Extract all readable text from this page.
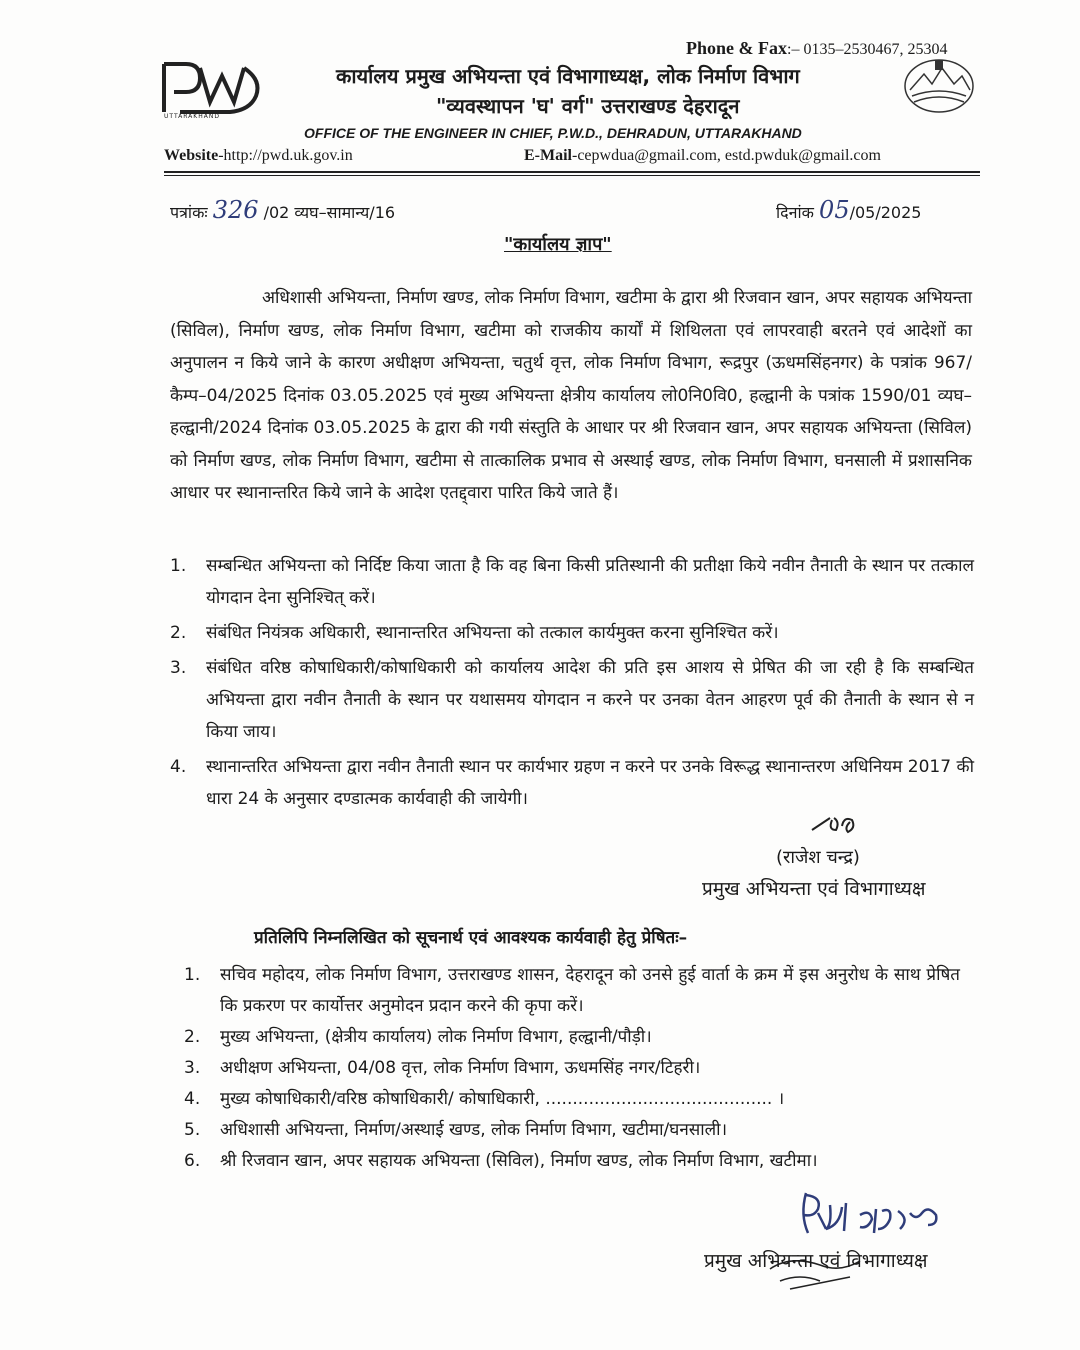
Phone & Fax:– 0135–2530467, 25304
UTTARAKHAND
कार्यालय प्रमुख अभियन्ता एवं विभागाध्यक्ष, लोक निर्माण विभाग
"व्यवस्थापन 'घ' वर्ग" उत्तराखण्ड देहरादून
OFFICE OF THE ENGINEER IN CHIEF, P.W.D., DEHRADUN, UTTARAKHAND
Website-http://pwd.uk.gov.in	E-Mail-cepwdua@gmail.com, estd.pwduk@gmail.com
पत्रांकः 326 /02 व्यघ–सामान्य/16	दिनांक 05/05/2025
"कार्यालय ज्ञाप"
अधिशासी अभियन्ता, निर्माण खण्ड, लोक निर्माण विभाग, खटीमा के द्वारा श्री रिजवान खान, अपर सहायक अभियन्ता (सिविल), निर्माण खण्ड, लोक निर्माण विभाग, खटीमा को राजकीय कार्यों में शिथिलता एवं लापरवाही बरतने एवं आदेशों का अनुपालन न किये जाने के कारण अधीक्षण अभियन्ता, चतुर्थ वृत्त, लोक निर्माण विभाग, रूद्रपुर (ऊधमसिंहनगर) के पत्रांक 967/कैम्प–04/2025 दिनांक 03.05.2025 एवं मुख्य अभियन्ता क्षेत्रीय कार्यालय लो0नि0वि0, हल्द्वानी के पत्रांक 1590/01 व्यघ–हल्द्वानी/2024 दिनांक 03.05.2025 के द्वारा की गयी संस्तुति के आधार पर श्री रिजवान खान, अपर सहायक अभियन्ता (सिविल) को निर्माण खण्ड, लोक निर्माण विभाग, खटीमा से तात्कालिक प्रभाव से अस्थाई खण्ड, लोक निर्माण विभाग, घनसाली में प्रशासनिक आधार पर स्थानान्तरित किये जाने के आदेश एतद्द्वारा पारित किये जाते हैं।
1.	सम्बन्धित अभियन्ता को निर्दिष्ट किया जाता है कि वह बिना किसी प्रतिस्थानी की प्रतीक्षा किये नवीन तैनाती के स्थान पर तत्काल योगदान देना सुनिश्चित् करें।
2.	संबंधित नियंत्रक अधिकारी, स्थानान्तरित अभियन्ता को तत्काल कार्यमुक्त करना सुनिश्चित करें।
3.	संबंधित वरिष्ठ कोषाधिकारी/कोषाधिकारी को कार्यालय आदेश की प्रति इस आशय से प्रेषित की जा रही है कि सम्बन्धित अभियन्ता द्वारा नवीन तैनाती के स्थान पर यथासमय योगदान न करने पर उनका वेतन आहरण पूर्व की तैनाती के स्थान से न किया जाय।
4.	स्थानान्तरित अभियन्ता द्वारा नवीन तैनाती स्थान पर कार्यभार ग्रहण न करने पर उनके विरूद्ध स्थानान्तरण अधिनियम 2017 की धारा 24 के अनुसार दण्डात्मक कार्यवाही की जायेगी।
(राजेश चन्द्र)
प्रमुख अभियन्ता एवं विभागाध्यक्ष
प्रतिलिपि निम्नलिखित को सूचनार्थ एवं आवश्यक कार्यवाही हेतु प्रेषितः–
1.	सचिव महोदय, लोक निर्माण विभाग, उत्तराखण्ड शासन, देहरादून को उनसे हुई वार्ता के क्रम में इस अनुरोध के साथ प्रेषित कि प्रकरण पर कार्योत्तर अनुमोदन प्रदान करने की कृपा करें।
2.	मुख्य अभियन्ता, (क्षेत्रीय कार्यालय) लोक निर्माण विभाग, हल्द्वानी/पौड़ी।
3.	अधीक्षण अभियन्ता, 04/08 वृत्त, लोक निर्माण विभाग, ऊधमसिंह नगर/टिहरी।
4.	मुख्य कोषाधिकारी/वरिष्ठ कोषाधिकारी/ कोषाधिकारी, .......................................... ।
5.	अधिशासी अभियन्ता, निर्माण/अस्थाई खण्ड, लोक निर्माण विभाग, खटीमा/घनसाली।
6.	श्री रिजवान खान, अपर सहायक अभियन्ता (सिविल), निर्माण खण्ड, लोक निर्माण विभाग, खटीमा।
प्रमुख अभियन्ता एवं विभागाध्यक्ष
